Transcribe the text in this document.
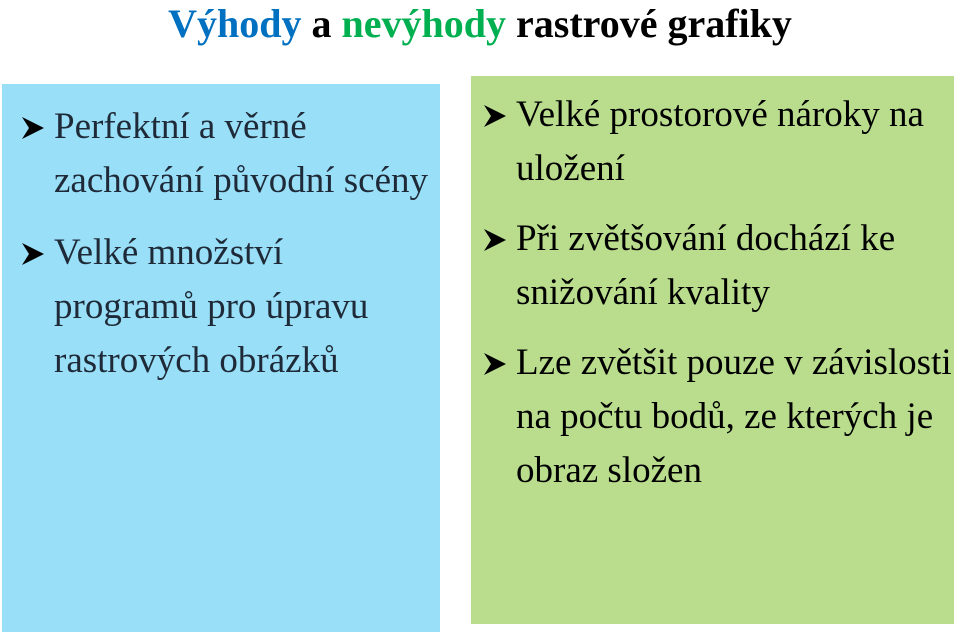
Výhody a nevýhody rastrové grafiky
Perfektní a věrné zachování původní scény
Velké množství programů pro úpravu rastrových obrázků
Velké prostorové nároky na uložení
Při zvětšování dochází ke snižování kvality
Lze zvětšit pouze v závislosti na počtu bodů, ze kterých je obraz složen
